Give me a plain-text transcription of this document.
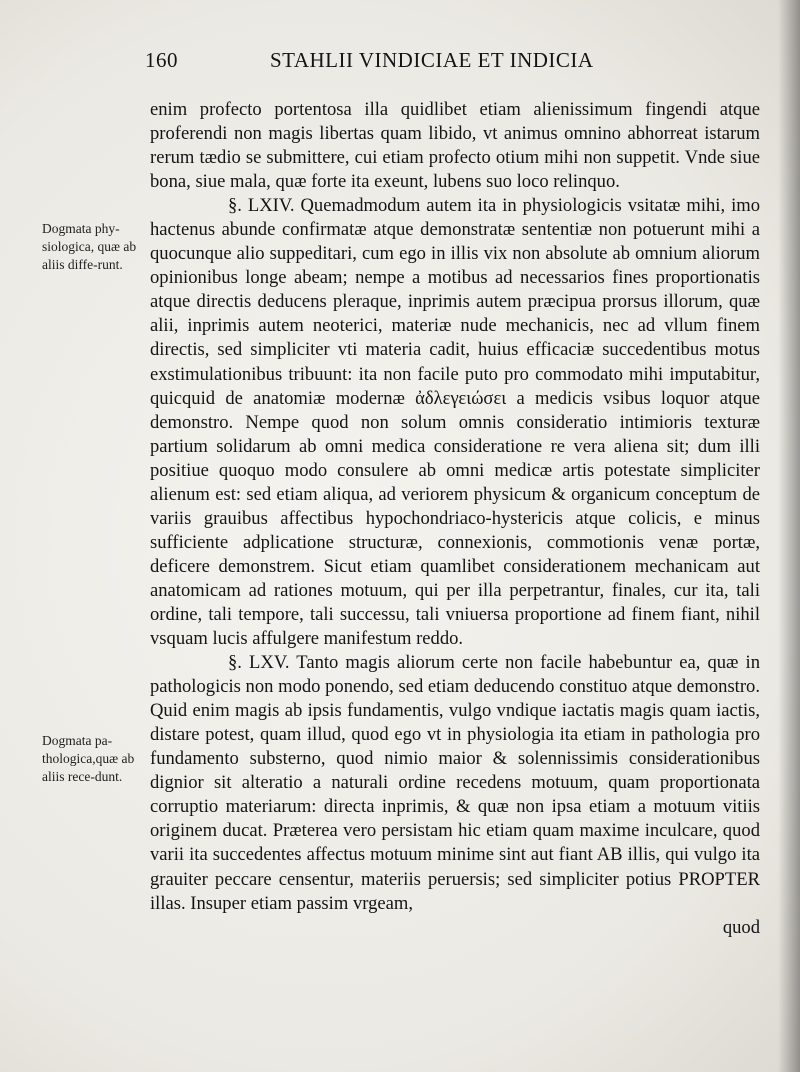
160	STAHLII VINDICIAE ET INDICIA
Dogmata phy-siologica, quæ ab aliis diffe-runt.
Dogmata pa-thologica,quæ ab aliis rece-dunt.

enim profecto portentosa illa quidlibet etiam alienissimum fingendi atque proferendi non magis libertas quam libido, vt animus omnino abhorreat istarum rerum tædio se submittere, cui etiam profecto otium mihi non suppetit. Vnde siue bona, siue mala, quæ forte ita exeunt, lubens suo loco relinquo.

§. LXIV. Quemadmodum autem ita in physiologicis vsitatæ mihi, imo hactenus abunde confirmatæ atque demonstratæ sententiæ non potuerunt mihi a quocunque alio suppeditari, cum ego in illis vix non absolute ab omnium aliorum opinionibus longe abeam; nempe a motibus ad necessarios fines proportionatis atque directis deducens pleraque, inprimis autem præcipua prorsus illorum, quæ alii, inprimis autem neoterici, materiæ nude mechanicis, nec ad vllum finem directis, sed simpliciter vti materia cadit, huius efficaciæ succedentibus motus exstimulationibus tribuunt: ita non facile puto pro commodato mihi imputabitur, quicquid de anatomiæ modernæ ἀδλεγειώσει a medicis vsibus loquor atque demonstro. Nempe quod non solum omnis consideratio intimioris texturæ partium solidarum ab omni medica consideratione re vera aliena sit; dum illi positiue quoquo modo consulere ab omni medicæ artis potestate simpliciter alienum est: sed etiam aliqua, ad veriorem physicum & organicum conceptum de variis grauibus affectibus hypochondriaco-hystericis atque colicis, e minus sufficiente adplicatione structuræ, connexionis, commotionis venæ portæ, deficere demonstrem. Sicut etiam quamlibet considerationem mechanicam aut anatomicam ad rationes motuum, qui per illa perpetrantur, finales, cur ita, tali ordine, tali tempore, tali successu, tali vniuersa proportione ad finem fiant, nihil vsquam lucis affulgere manifestum reddo.

§. LXV. Tanto magis aliorum certe non facile habebuntur ea, quæ in pathologicis non modo ponendo, sed etiam deducendo constituo atque demonstro. Quid enim magis ab ipsis fundamentis, vulgo vndique iactatis magis quam iactis, distare potest, quam illud, quod ego vt in physiologia ita etiam in pathologia pro fundamento substerno, quod nimio maior & solennissimis considerationibus dignior sit alteratio a naturali ordine recedens motuum, quam proportionata corruptio materiarum: directa inprimis, & quæ non ipsa etiam a motuum vitiis originem ducat. Præterea vero persistam hic etiam quam maxime inculcare, quod varii ita succedentes affectus motuum minime sint aut fiant AB illis, qui vulgo ita grauiter peccare censentur, materiis peruersis; sed simpliciter potius PROPTER illas. Insuper etiam passim vrgeam,

quod
